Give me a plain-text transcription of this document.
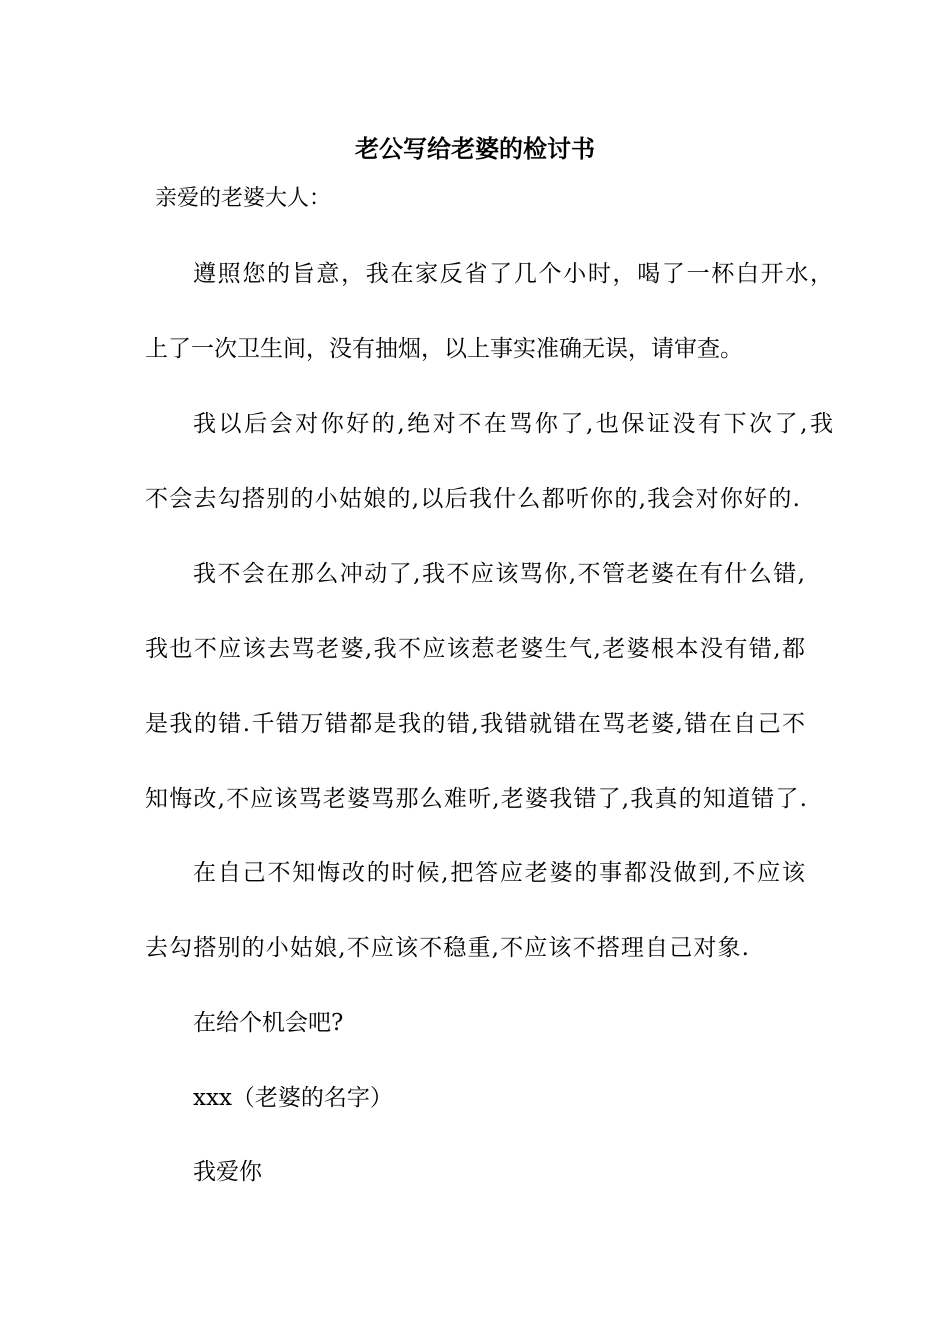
老公写给老婆的检讨书
亲爱的老婆大人：
遵照您的旨意，我在家反省了几个小时，喝了一杯白开水，
上了一次卫生间，没有抽烟，以上事实准确无误，请审查。
我以后会对你好的,绝对不在骂你了,也保证没有下次了,我
不会去勾搭别的小姑娘的,以后我什么都听你的,我会对你好的.
我不会在那么冲动了,我不应该骂你,不管老婆在有什么错,
我也不应该去骂老婆,我不应该惹老婆生气,老婆根本没有错,都
是我的错.千错万错都是我的错,我错就错在骂老婆,错在自己不
知悔改,不应该骂老婆骂那么难听,老婆我错了,我真的知道错了.
在自己不知悔改的时候,把答应老婆的事都没做到,不应该
去勾搭别的小姑娘,不应该不稳重,不应该不搭理自己对象.
在给个机会吧?
xxx（老婆的名字）
我爱你
